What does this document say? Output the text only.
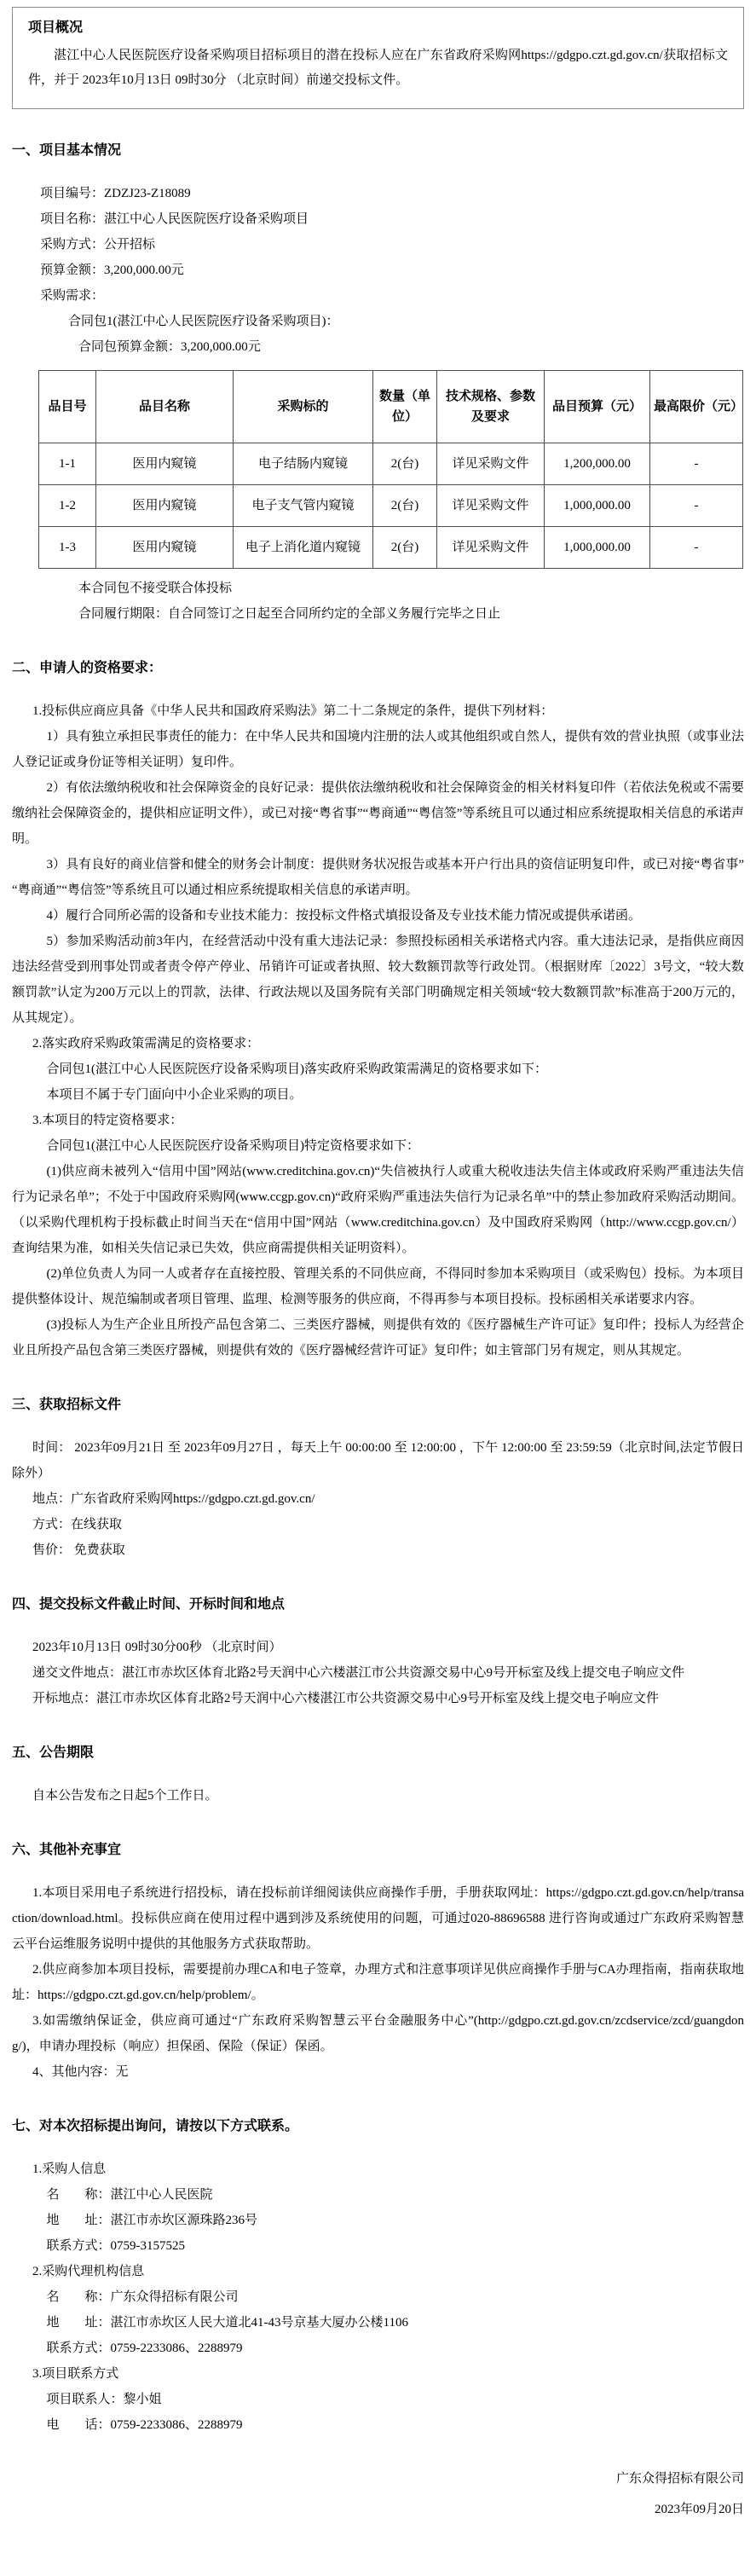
项目概况

湛江中心人民医院医疗设备采购项目招标项目的潜在投标人应在广东省政府采购网https://gdgpo.czt.gd.gov.cn/获取招标文件，并于 2023年10月13日 09时30分 （北京时间）前递交投标文件。

一、项目基本情况

项目编号：ZDZJ23-Z18089

项目名称：湛江中心人民医院医疗设备采购项目

采购方式：公开招标

预算金额：3,200,000.00元

采购需求：

合同包1(湛江中心人民医院医疗设备采购项目)：

合同包预算金额：3,200,000.00元

品目号	品目名称	采购标的	数量（单位）	技术规格、参数及要求	品目预算（元）	最高限价（元）
1-1	医用内窥镜	电子结肠内窥镜	2(台)	详见采购文件	1,200,000.00	-
1-2	医用内窥镜	电子支气管内窥镜	2(台)	详见采购文件	1,000,000.00	-
1-3	医用内窥镜	电子上消化道内窥镜	2(台)	详见采购文件	1,000,000.00	-

本合同包不接受联合体投标

合同履行期限：自合同签订之日起至合同所约定的全部义务履行完毕之日止

二、申请人的资格要求：

1.投标供应商应具备《中华人民共和国政府采购法》第二十二条规定的条件，提供下列材料：

1）具有独立承担民事责任的能力：在中华人民共和国境内注册的法人或其他组织或自然人，提供有效的营业执照（或事业法人登记证或身份证等相关证明）复印件。

2）有依法缴纳税收和社会保障资金的良好记录：提供依法缴纳税收和社会保障资金的相关材料复印件（若依法免税或不需要缴纳社会保障资金的，提供相应证明文件），或已对接“粤省事”“粤商通”“粤信签”等系统且可以通过相应系统提取相关信息的承诺声明。

3）具有良好的商业信誉和健全的财务会计制度：提供财务状况报告或基本开户行出具的资信证明复印件，或已对接“粤省事”“粤商通”“粤信签”等系统且可以通过相应系统提取相关信息的承诺声明。

4）履行合同所必需的设备和专业技术能力：按投标文件格式填报设备及专业技术能力情况或提供承诺函。

5）参加采购活动前3年内，在经营活动中没有重大违法记录：参照投标函相关承诺格式内容。重大违法记录，是指供应商因违法经营受到刑事处罚或者责令停产停业、吊销许可证或者执照、较大数额罚款等行政处罚。（根据财库〔2022〕3号文，“较大数额罚款”认定为200万元以上的罚款，法律、行政法规以及国务院有关部门明确规定相关领域“较大数额罚款”标准高于200万元的，从其规定）。

2.落实政府采购政策需满足的资格要求：

合同包1(湛江中心人民医院医疗设备采购项目)落实政府采购政策需满足的资格要求如下：

本项目不属于专门面向中小企业采购的项目。

3.本项目的特定资格要求：

合同包1(湛江中心人民医院医疗设备采购项目)特定资格要求如下：

(1)供应商未被列入“信用中国”网站(www.creditchina.gov.cn)“失信被执行人或重大税收违法失信主体或政府采购严重违法失信行为记录名单”；不处于中国政府采购网(www.ccgp.gov.cn)“政府采购严重违法失信行为记录名单”中的禁止参加政府采购活动期间。（以采购代理机构于投标截止时间当天在“信用中国”网站（www.creditchina.gov.cn）及中国政府采购网（http://www.ccgp.gov.cn/）查询结果为准，如相关失信记录已失效，供应商需提供相关证明资料）。

(2)单位负责人为同一人或者存在直接控股、管理关系的不同供应商，不得同时参加本采购项目（或采购包）投标。为本项目提供整体设计、规范编制或者项目管理、监理、检测等服务的供应商，不得再参与本项目投标。投标函相关承诺要求内容。

(3)投标人为生产企业且所投产品包含第二、三类医疗器械，则提供有效的《医疗器械生产许可证》复印件；投标人为经营企业且所投产品包含第三类医疗器械，则提供有效的《医疗器械经营许可证》复印件；如主管部门另有规定，则从其规定。

三、获取招标文件

时间： 2023年09月21日 至 2023年09月27日 ，每天上午 00:00:00 至 12:00:00 ，下午 12:00:00 至 23:59:59（北京时间,法定节假日除外）

地点：广东省政府采购网https://gdgpo.czt.gd.gov.cn/

方式：在线获取

售价： 免费获取

四、提交投标文件截止时间、开标时间和地点

2023年10月13日 09时30分00秒 （北京时间）

递交文件地点：湛江市赤坎区体育北路2号天润中心六楼湛江市公共资源交易中心9号开标室及线上提交电子响应文件

开标地点：湛江市赤坎区体育北路2号天润中心六楼湛江市公共资源交易中心9号开标室及线上提交电子响应文件

五、公告期限

自本公告发布之日起5个工作日。

六、其他补充事宜

1.本项目采用电子系统进行招投标，请在投标前详细阅读供应商操作手册，手册获取网址：https://gdgpo.czt.gd.gov.cn/help/transaction/download.html。投标供应商在使用过程中遇到涉及系统使用的问题，可通过020-88696588 进行咨询或通过广东政府采购智慧云平台运维服务说明中提供的其他服务方式获取帮助。

2.供应商参加本项目投标，需要提前办理CA和电子签章，办理方式和注意事项详见供应商操作手册与CA办理指南，指南获取地址：https://gdgpo.czt.gd.gov.cn/help/problem/。

3.如需缴纳保证金，供应商可通过“广东政府采购智慧云平台金融服务中心”(http://gdgpo.czt.gd.gov.cn/zcdservice/zcd/guangdong/)，申请办理投标（响应）担保函、保险（保证）保函。

4、其他内容：无

七、对本次招标提出询问，请按以下方式联系。

1.采购人信息

名　　称：湛江中心人民医院

地　　址：湛江市赤坎区源珠路236号

联系方式：0759-3157525

2.采购代理机构信息

名　　称：广东众得招标有限公司

地　　址：湛江市赤坎区人民大道北41-43号京基大厦办公楼1106

联系方式：0759-2233086、2288979

3.项目联系方式

项目联系人：黎小姐

电　　话：0759-2233086、2288979

广东众得招标有限公司

2023年09月20日
